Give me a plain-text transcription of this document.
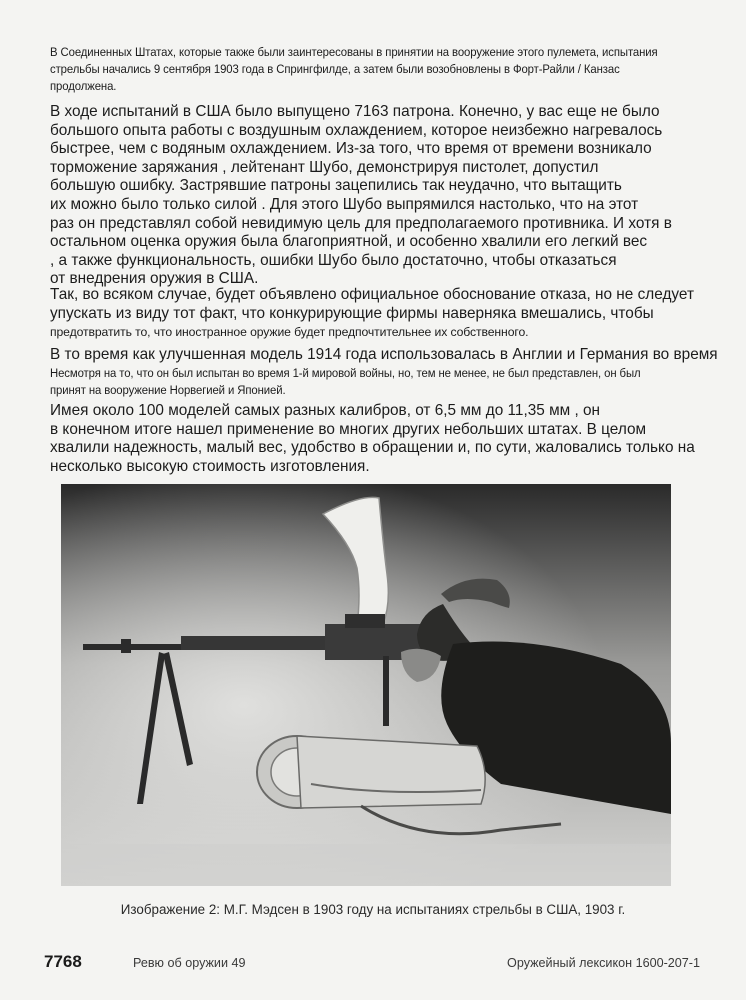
В Соединенных Штатах, которые также были заинтересованы в принятии на вооружение этого пулемета, испытания
стрельбы начались 9 сентября 1903 года в Спрингфилде, а затем были возобновлены в Форт-Райли / Канзас
продолжена.
В ходе испытаний в США было выпущено 7163 патрона. Конечно, у вас еще не было
большого опыта работы с воздушным охлаждением, которое неизбежно нагревалось
быстрее, чем с водяным охлаждением. Из-за того, что время от времени возникало
торможение заряжания , лейтенант Шубо, демонстрируя пистолет, допустил
большую ошибку. Застрявшие патроны зацепились так неудачно, что вытащить
их можно было только силой . Для этого Шубо выпрямился настолько, что на этот
раз он представлял собой невидимую цель для предполагаемого противника. И хотя в
остальном оценка оружия была благоприятной, и особенно хвалили его легкий вес
, а также функциональность, ошибки Шубо было достаточно, чтобы отказаться
от внедрения оружия в США.
Так, во всяком случае, будет объявлено официальное обоснование отказа, но не следует
упускать из виду тот факт, что конкурирующие фирмы наверняка вмешались, чтобы
предотвратить то, что иностранное оружие будет предпочтительнее их собственного.
В то время как улучшенная модель 1914 года использовалась в Англии и Германия во время
Несмотря на то, что он был испытан во время 1-й мировой войны, но, тем не менее, не был представлен, он был
принят на вооружение Норвегией и Японией.
Имея около 100 моделей самых разных калибров, от 6,5 мм до 11,35 мм , он
в конечном итоге нашел применение во многих других небольших штатах. В целом
хвалили надежность, малый вес, удобство в обращении и, по сути, жаловались только на
несколько высокую стоимость изготовления.
Изображение 2: М.Г. Мэдсен в 1903 году на испытаниях стрельбы в США, 1903 г.
7768	Ревю об оружии 49	Оружейный лексикон 1600-207-1
